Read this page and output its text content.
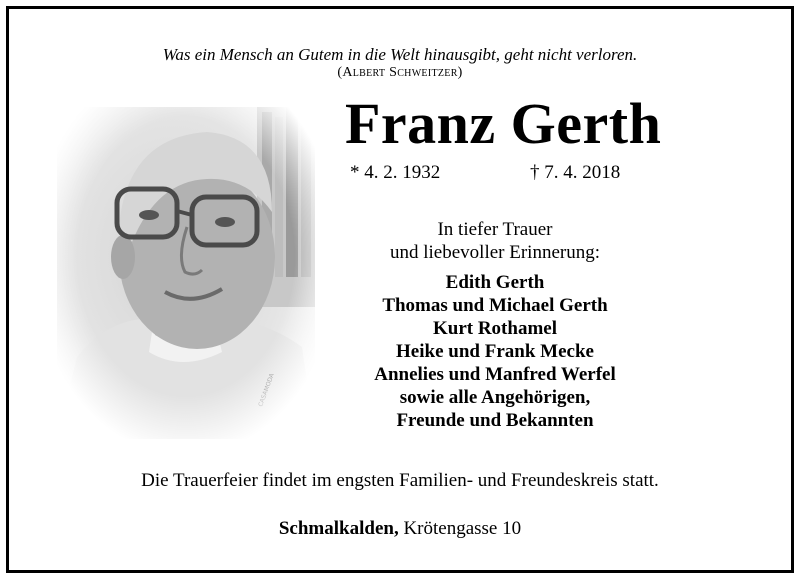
Was ein Mensch an Gutem in die Welt hinausgibt, geht nicht verloren.
(Albert Schweitzer)
Franz Gerth
* 4. 2. 1932	† 7. 4. 2018
In tiefer Trauer
und liebevoller Erinnerung:
Edith Gerth
Thomas und Michael Gerth
Kurt Rothamel
Heike und Frank Mecke
Annelies und Manfred Werfel
sowie alle Angehörigen,
Freunde und Bekannten
Die Trauerfeier findet im engsten Familien- und Freundeskreis statt.
Schmalkalden, Krötengasse 10
